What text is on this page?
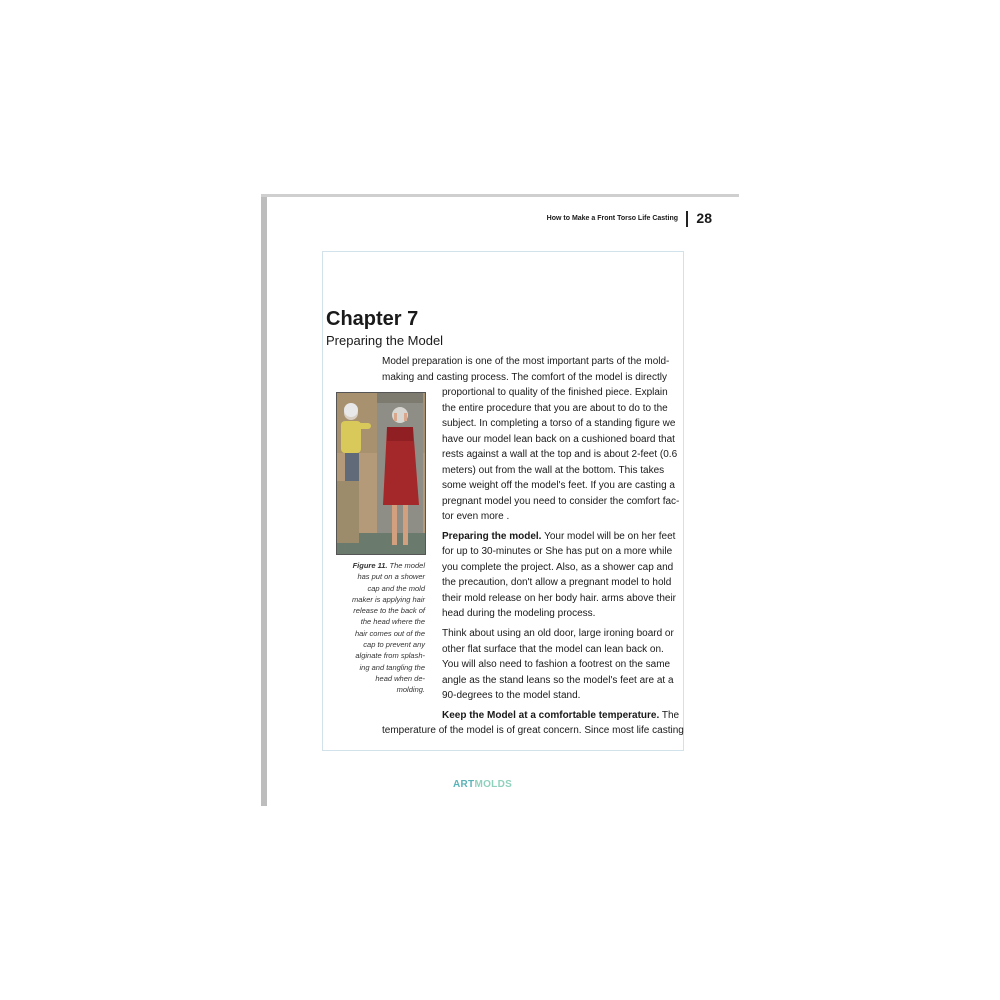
How to Make a Front Torso Life Casting 28
Chapter 7
Preparing the Model
Model preparation is one of the most important parts of the mold-
making and casting process. The comfort of the model is directly
proportional to quality of the finished piece. Explain
the entire procedure that you are about to do to the
subject. In completing a torso of a standing figure we
have our model lean back on a cushioned board that
rests against a wall at the top and is about 2-feet (0.6
meters) out from the wall at the bottom. This takes
some weight off the model's feet. If you are casting a
pregnant model you need to consider the comfort fac-
tor even more .
Preparing the model. Your model will be on her feet
for up to 30-minutes or She has put on a more while
you complete the project. Also, as a shower cap and
the precaution, don't allow a pregnant model to hold
their mold release on her body hair. arms above their
head during the modeling process.
Think about using an old door, large ironing board or
other flat surface that the model can lean back on.
You will also need to fashion a footrest on the same
angle as the stand leans so the model's feet are at a
90-degrees to the model stand.
Keep the Model at a comfortable temperature. The
temperature of the model is of great concern. Since most life casting
Figure 11. The model
has put on a shower
cap and the mold
maker is applying hair
release to the back of
the head where the
hair comes out of the
cap to prevent any
alginate from splash-
ing and tangling the
head when de-
molding.
ARTMOLDS
